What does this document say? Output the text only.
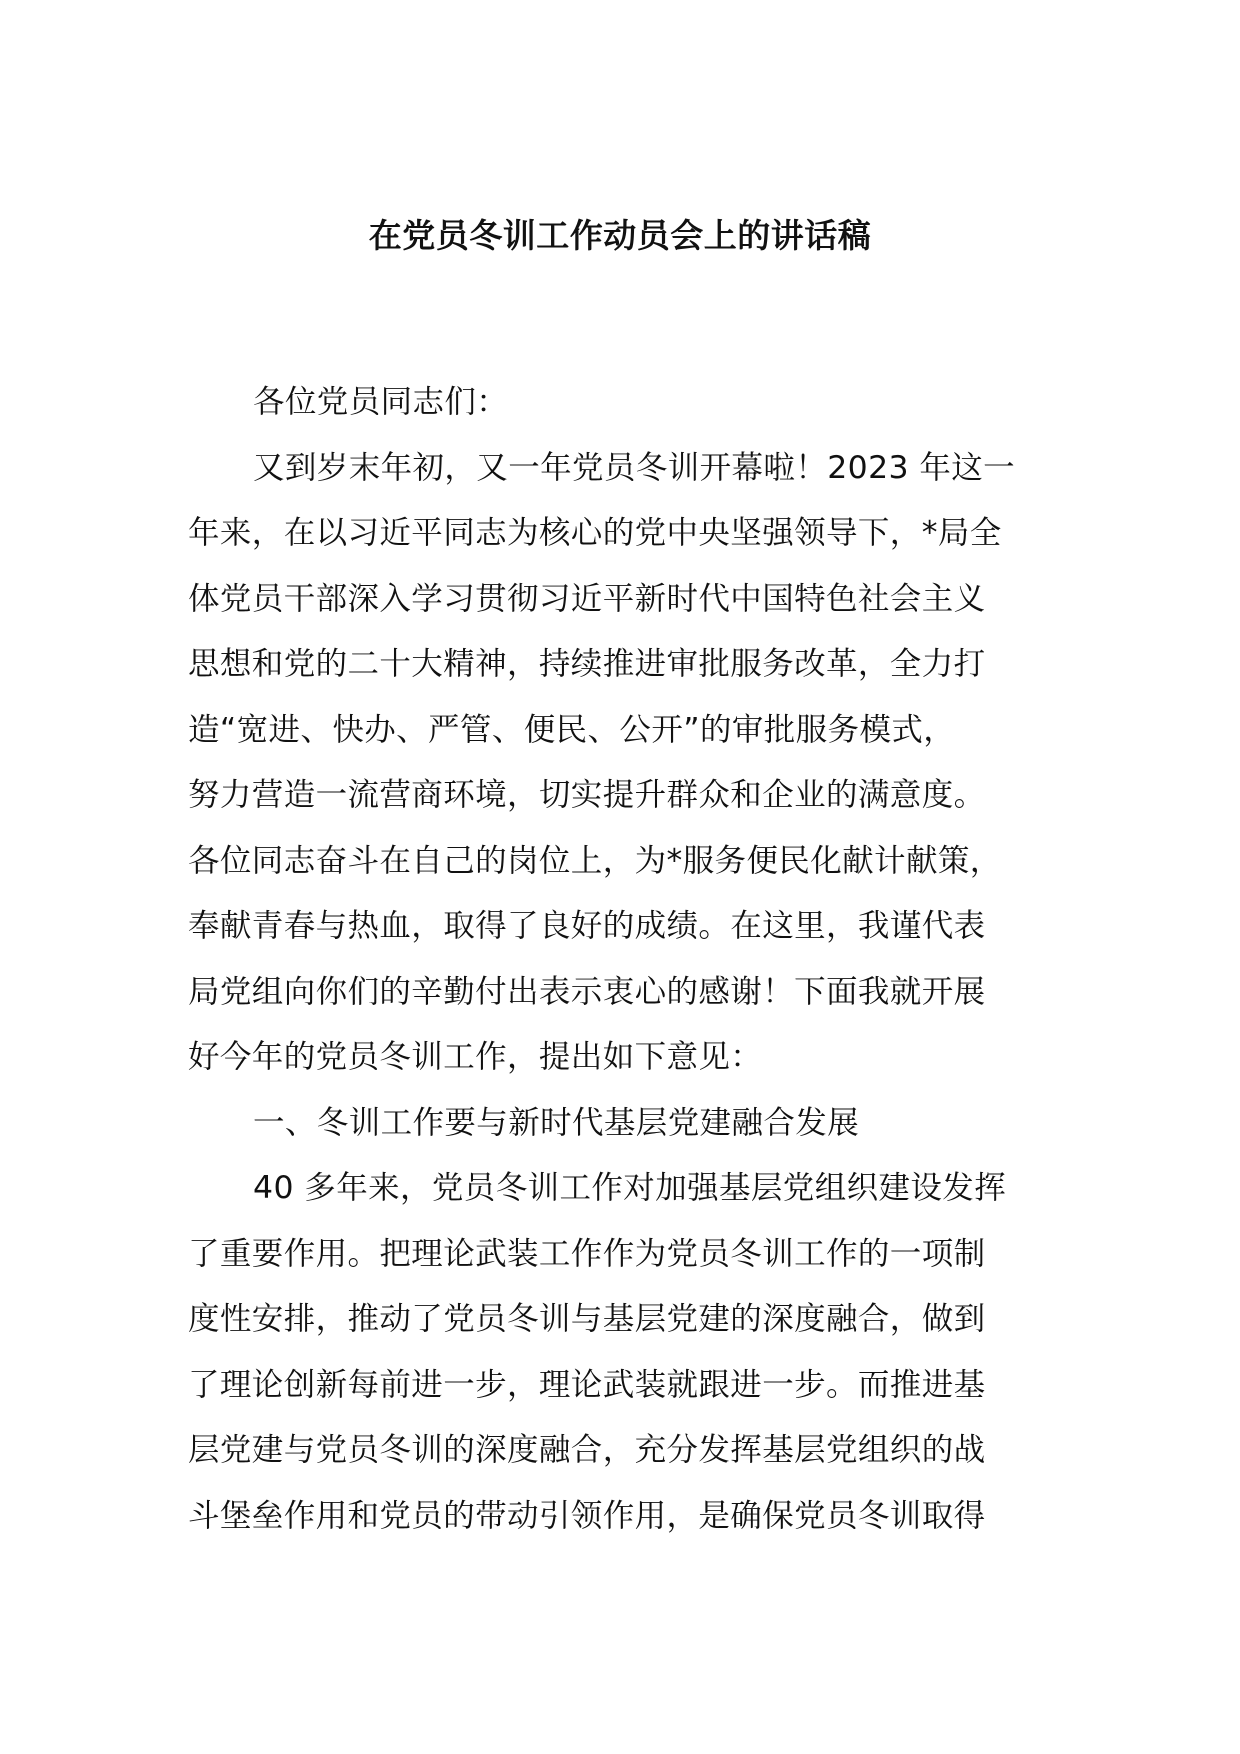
在党员冬训工作动员会上的讲话稿
各位党员同志们：
又到岁末年初，又一年党员冬训开幕啦！2023 年这一
年来，在以习近平同志为核心的党中央坚强领导下，*局全
体党员干部深入学习贯彻习近平新时代中国特色社会主义
思想和党的二十大精神，持续推进审批服务改革，全力打
造“宽进、快办、严管、便民、公开”的审批服务模式，
努力营造一流营商环境，切实提升群众和企业的满意度。
各位同志奋斗在自己的岗位上，为*服务便民化献计献策，
奉献青春与热血，取得了良好的成绩。在这里，我谨代表
局党组向你们的辛勤付出表示衷心的感谢！下面我就开展
好今年的党员冬训工作，提出如下意见：
一、冬训工作要与新时代基层党建融合发展
40 多年来，党员冬训工作对加强基层党组织建设发挥
了重要作用。把理论武装工作作为党员冬训工作的一项制
度性安排，推动了党员冬训与基层党建的深度融合，做到
了理论创新每前进一步，理论武装就跟进一步。而推进基
层党建与党员冬训的深度融合，充分发挥基层党组织的战
斗堡垒作用和党员的带动引领作用，是确保党员冬训取得
